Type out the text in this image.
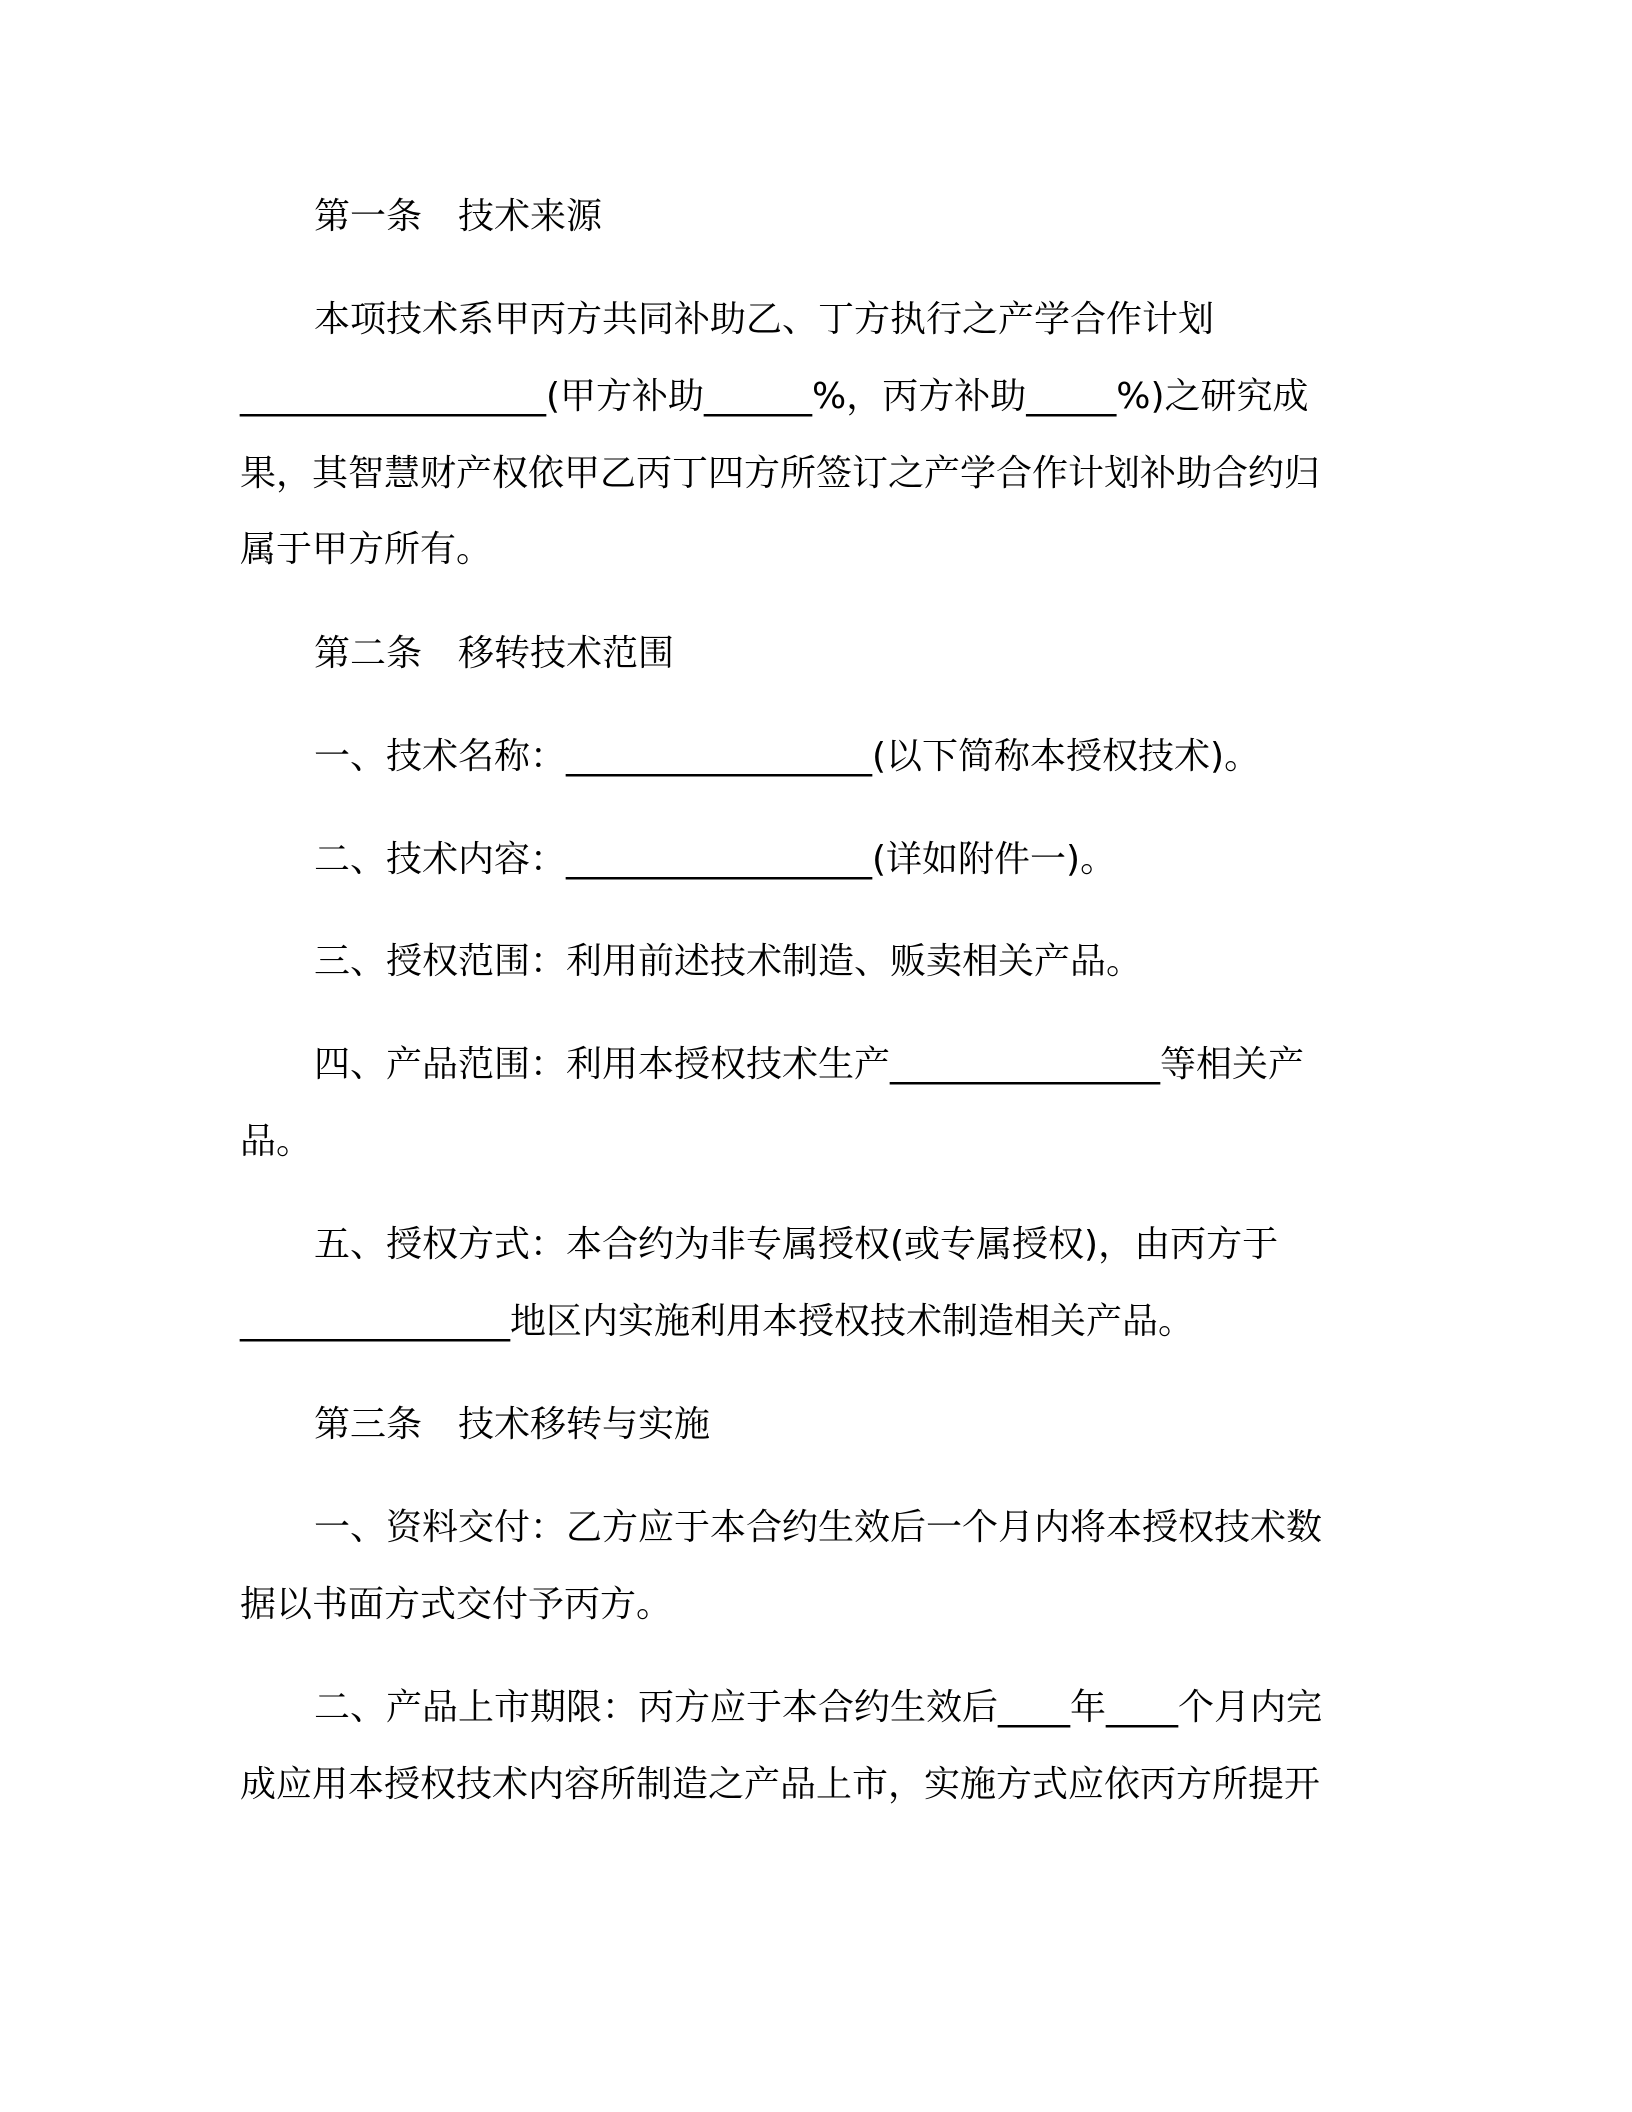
第一条　技术来源
本项技术系甲丙方共同补助乙、丁方执行之产学合作计划
_________________(甲方补助______%，丙方补助_____%)之研究成
果，其智慧财产权依甲乙丙丁四方所签订之产学合作计划补助合约归
属于甲方所有。
第二条　移转技术范围
一、技术名称：_________________(以下简称本授权技术)。
二、技术内容：_________________(详如附件一)。
三、授权范围：利用前述技术制造、贩卖相关产品。
四、产品范围：利用本授权技术生产_______________等相关产
品。
五、授权方式：本合约为非专属授权(或专属授权)，由丙方于
_______________地区内实施利用本授权技术制造相关产品。
第三条　技术移转与实施
一、资料交付：乙方应于本合约生效后一个月内将本授权技术数
据以书面方式交付予丙方。
二、产品上市期限：丙方应于本合约生效后____年____个月内完
成应用本授权技术内容所制造之产品上市，实施方式应依丙方所提开
